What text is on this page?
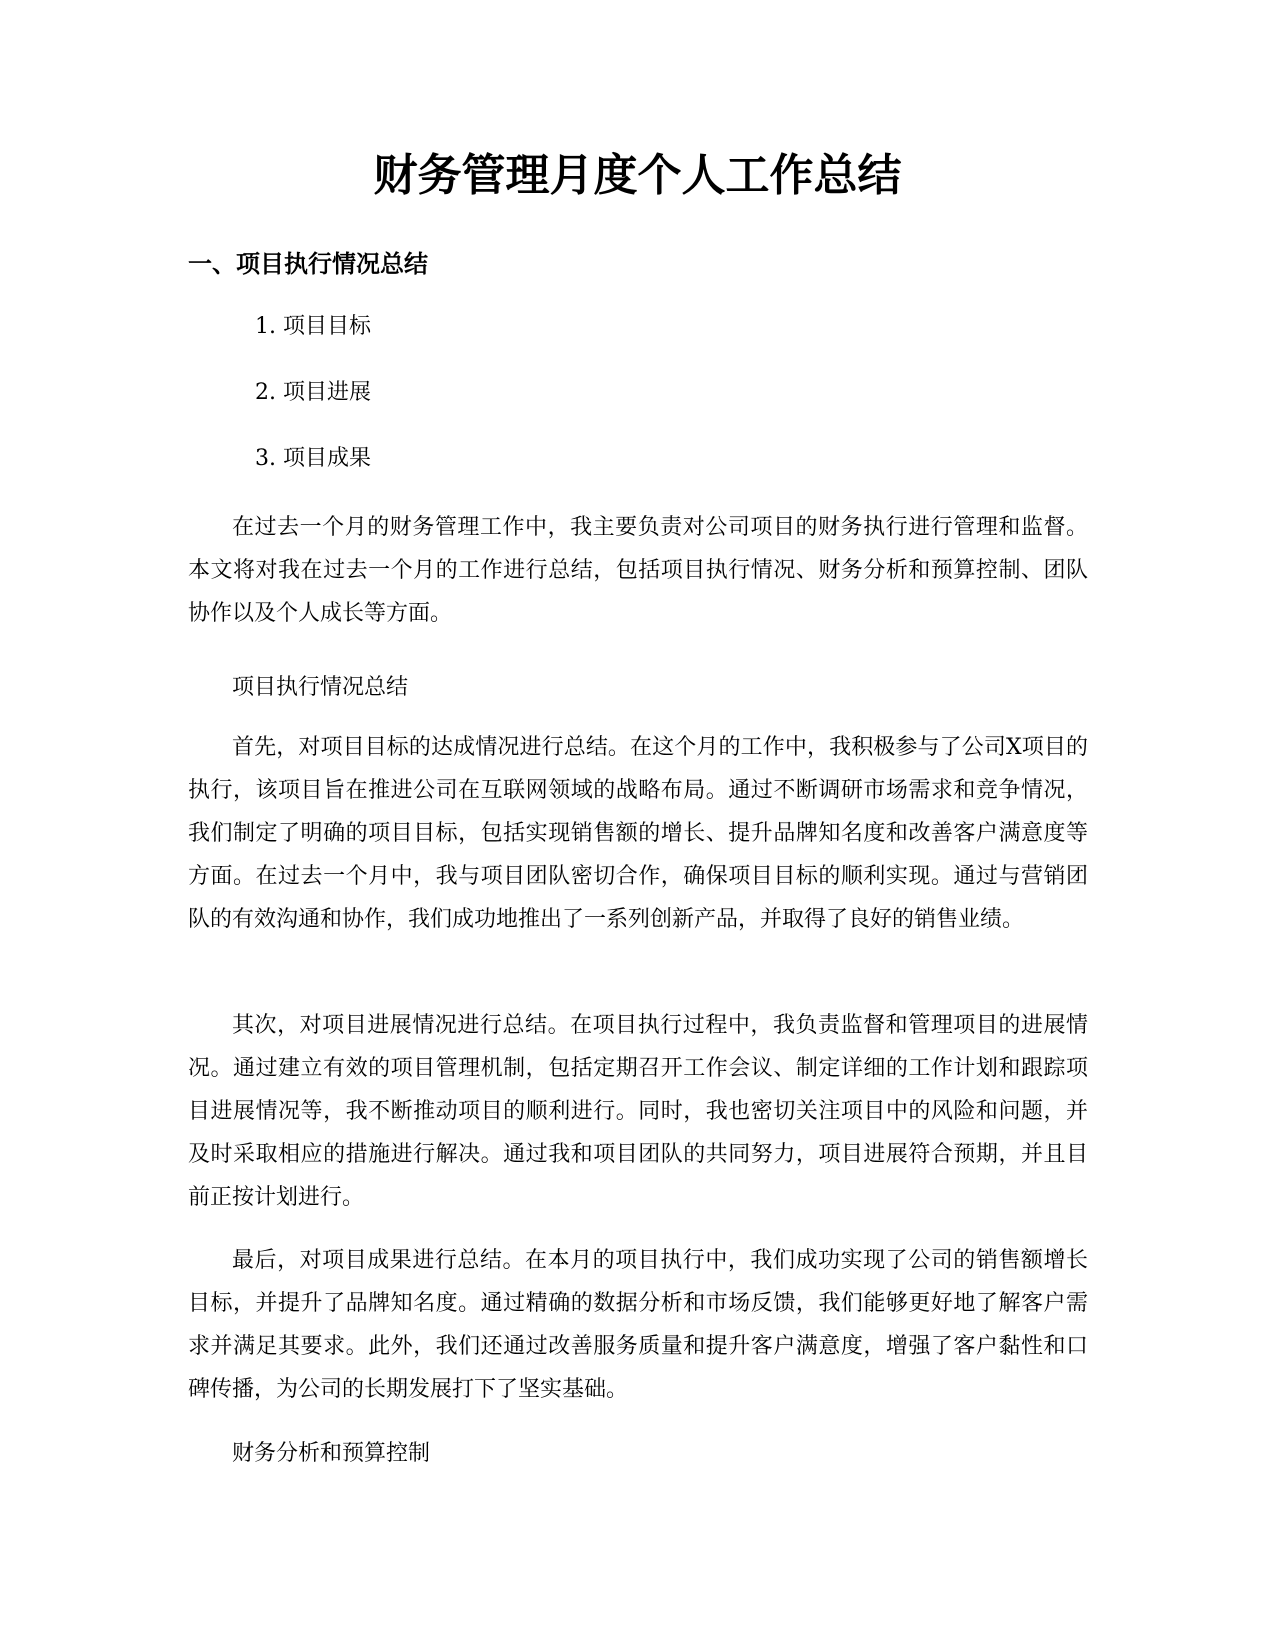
财务管理月度个人工作总结
一、项目执行情况总结
1. 项目目标
2. 项目进展
3. 项目成果

在过去一个月的财务管理工作中，我主要负责对公司项目的财务执行进行管理和监督。本文将对我在过去一个月的工作进行总结，包括项目执行情况、财务分析和预算控制、团队协作以及个人成长等方面。

项目执行情况总结

首先，对项目目标的达成情况进行总结。在这个月的工作中，我积极参与了公司X项目的执行，该项目旨在推进公司在互联网领域的战略布局。通过不断调研市场需求和竞争情况，我们制定了明确的项目目标，包括实现销售额的增长、提升品牌知名度和改善客户满意度等方面。在过去一个月中，我与项目团队密切合作，确保项目目标的顺利实现。通过与营销团队的有效沟通和协作，我们成功地推出了一系列创新产品，并取得了良好的销售业绩。

其次，对项目进展情况进行总结。在项目执行过程中，我负责监督和管理项目的进展情况。通过建立有效的项目管理机制，包括定期召开工作会议、制定详细的工作计划和跟踪项目进展情况等，我不断推动项目的顺利进行。同时，我也密切关注项目中的风险和问题，并及时采取相应的措施进行解决。通过我和项目团队的共同努力，项目进展符合预期，并且目前正按计划进行。

最后，对项目成果进行总结。在本月的项目执行中，我们成功实现了公司的销售额增长目标，并提升了品牌知名度。通过精确的数据分析和市场反馈，我们能够更好地了解客户需求并满足其要求。此外，我们还通过改善服务质量和提升客户满意度，增强了客户黏性和口碑传播，为公司的长期发展打下了坚实基础。

财务分析和预算控制
